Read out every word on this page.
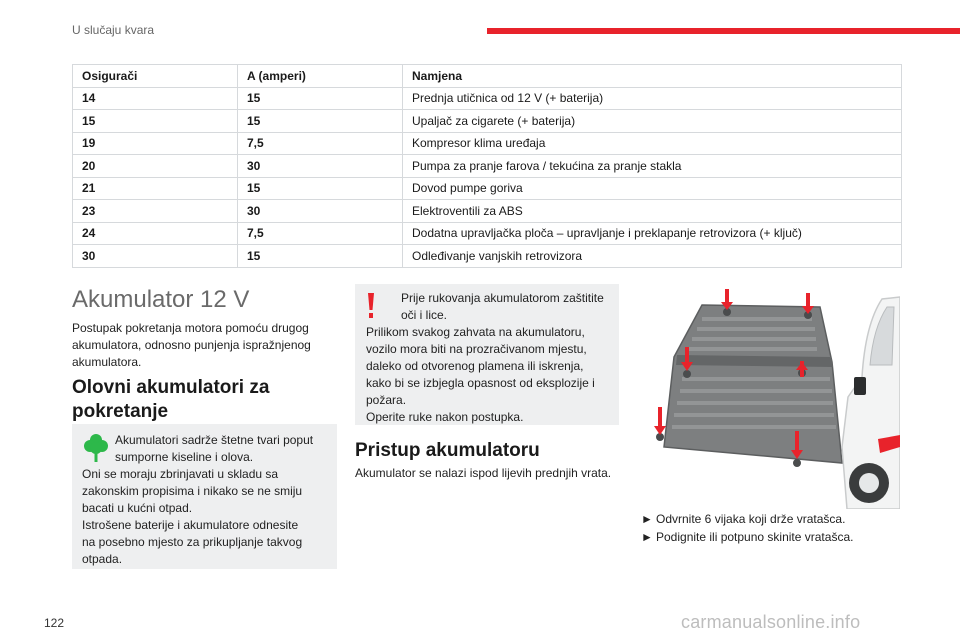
U slučaju kvara
Osigurači	A (amperi)	Namjena
14	15	Prednja utičnica od 12 V (+ baterija)
15	15	Upaljač za cigarete (+ baterija)
19	7,5	Kompresor klima uređaja
20	30	Pumpa za pranje farova / tekućina za pranje stakla
21	15	Dovod pumpe goriva
23	30	Elektroventili za ABS
24	7,5	Dodatna upravljačka ploča – upravljanje i preklapanje retrovizora (+ ključ)
30	15	Odleđivanje vanjskih retrovizora
Akumulator 12 V
Postupak pokretanja motora pomoću drugog
akumulatora, odnosno punjenja ispražnjenog
akumulatora.
Olovni akumulatori za
pokretanje
Akumulatori sadrže štetne tvari poput
sumporne kiseline i olova.
Oni se moraju zbrinjavati u skladu sa
zakonskim propisima i nikako se ne smiju
bacati u kućni otpad.
Istrošene baterije i akumulatore odnesite
na posebno mjesto za prikupljanje takvog
otpada.
Prije rukovanja akumulatorom zaštitite
oči i lice.
Prilikom svakog zahvata na akumulatoru,
vozilo mora biti na prozračivanom mjestu,
daleko od otvorenog plamena ili iskrenja,
kako bi se izbjegla opasnost od eksplozije i
požara.
Operite ruke nakon postupka.
Pristup akumulatoru
Akumulator se nalazi ispod lijevih prednjih vrata.
► Odvrnite 6 vijaka koji drže vratašca.
► Podignite ili potpuno skinite vratašca.
122	carmanualsonline.info
